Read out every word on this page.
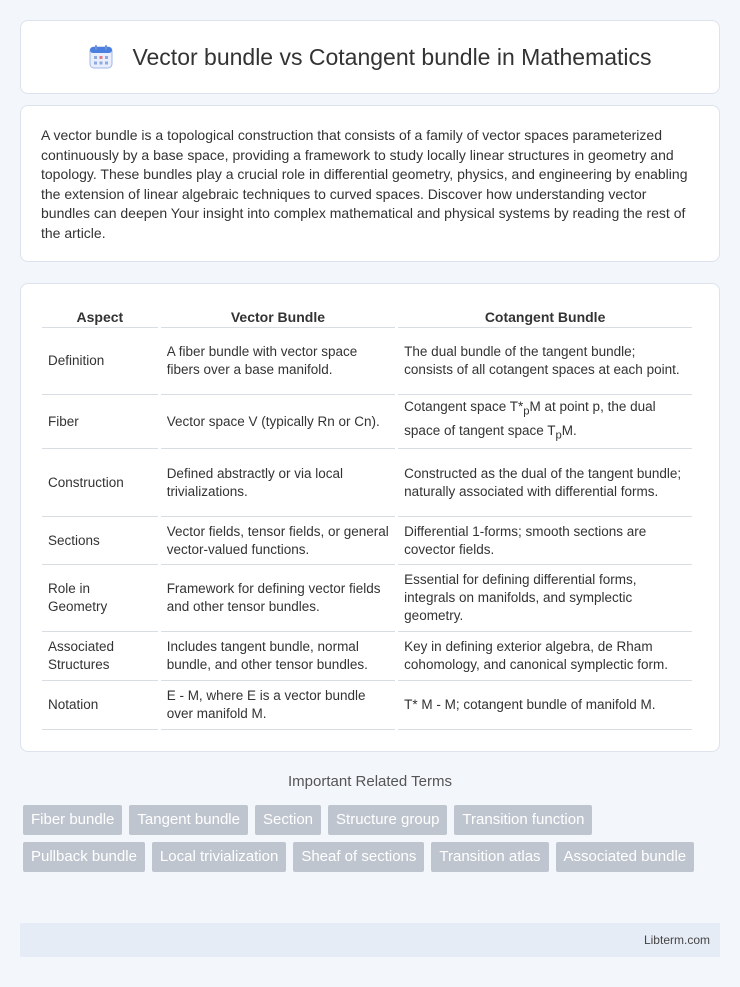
Vector bundle vs Cotangent bundle in Mathematics

A vector bundle is a topological construction that consists of a family of vector spaces parameterized continuously by a base space, providing a framework to study locally linear structures in geometry and topology. These bundles play a crucial role in differential geometry, physics, and engineering by enabling the extension of linear algebraic techniques to curved spaces. Discover how understanding vector bundles can deepen Your insight into complex mathematical and physical systems by reading the rest of the article.

Aspect	Vector Bundle	Cotangent Bundle
Definition	A fiber bundle with vector space fibers over a base manifold.	The dual bundle of the tangent bundle; consists of all cotangent spaces at each point.
Fiber	Vector space V (typically Rn or Cn).	Cotangent space $T*_pM$ at point p, the dual space of tangent space $T_pM$.
Construction	Defined abstractly or via local trivializations.	Constructed as the dual of the tangent bundle; naturally associated with differential forms.
Sections	Vector fields, tensor fields, or general vector-valued functions.	Differential 1-forms; smooth sections are covector fields.
Role in Geometry	Framework for defining vector fields and other tensor bundles.	Essential for defining differential forms, integrals on manifolds, and symplectic geometry.
Associated Structures	Includes tangent bundle, normal bundle, and other tensor bundles.	Key in defining exterior algebra, de Rham cohomology, and canonical symplectic form.
Notation	E - M, where E is a vector bundle over manifold M.	T* M - M; cotangent bundle of manifold M.
Important Related Terms
Fiber bundle	Tangent bundle	Section	Structure group	Transition function
Pullback bundle	Local trivialization	Sheaf of sections	Transition atlas	Associated bundle
Libterm.com
